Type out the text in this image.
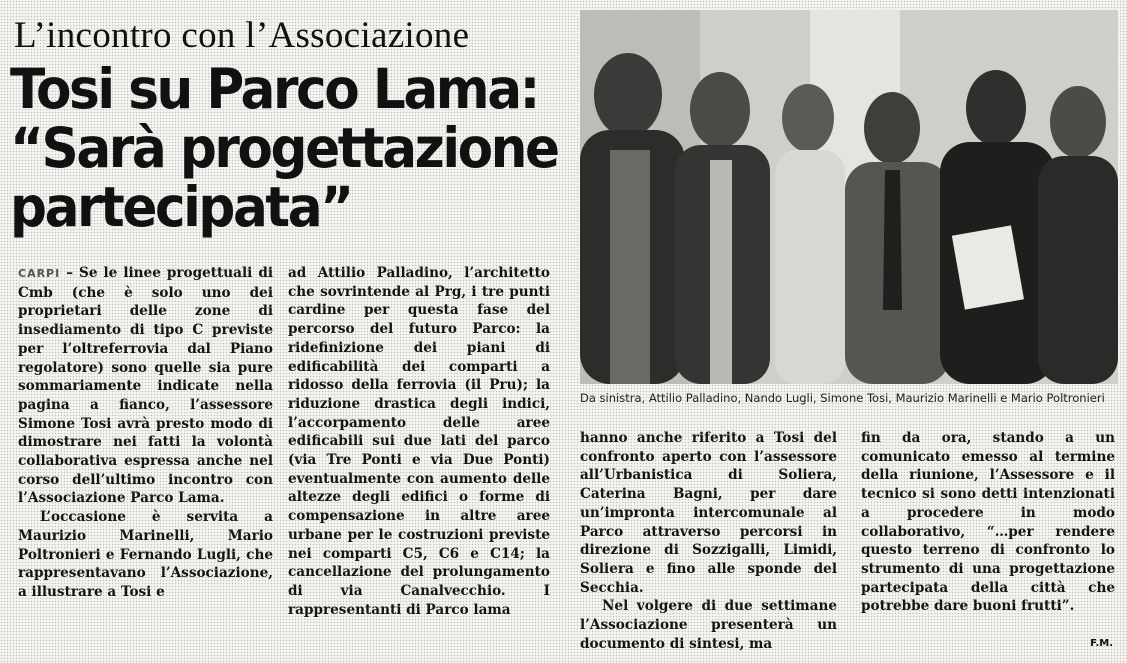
L’incontro con l’Associazione
Tosi su Parco Lama:
“Sarà progettazione
partecipata”

Da sinistra, Attilio Palladino, Nando Lugli, Simone Tosi, Maurizio Marinelli e Mario Poltronieri

CARPI – Se le linee progettuali di Cmb (che è solo uno dei proprietari delle zone di insediamento di tipo C previste per l’oltreferrovia dal Piano regolatore) sono quelle sia pure sommariamente indicate nella pagina a fianco, l’assessore Simone Tosi avrà presto modo di dimostrare nei fatti la volontà collaborativa espressa anche nel corso dell’ultimo incontro con l’Associazione Parco Lama.

L’occasione è servita a Maurizio Marinelli, Mario Poltronieri e Fernando Lugli, che rappresentavano l’Associazione, a illustrare a Tosi e

ad Attilio Palladino, l’architetto che sovrintende al Prg, i tre punti cardine per questa fase del percorso del futuro Parco: la ridefinizione dei piani di edificabilità dei comparti a ridosso della ferrovia (il Pru); la riduzione drastica degli indici, l’accorpamento delle aree edificabili sui due lati del parco (via Tre Ponti e via Due Ponti) eventualmente con aumento delle altezze degli edifici o forme di compensazione in altre aree urbane per le costruzioni previste nei comparti C5, C6 e C14; la cancellazione del prolungamento di via Canalvecchio. I rappresentanti di Parco lama

hanno anche riferito a Tosi del confronto aperto con l’assessore all’Urbanistica di Soliera, Caterina Bagni, per dare un’impronta intercomunale al Parco attraverso percorsi in direzione di Sozzigalli, Limidi, Soliera e fino alle sponde del Secchia.

Nel volgere di due settimane l’Associazione presenterà un documento di sintesi, ma

fin da ora, stando a un comunicato emesso al termine della riunione, l’Assessore e il tecnico si sono detti intenzionati a procedere in modo collaborativo, “…per rendere questo terreno di confronto lo strumento di una progettazione partecipata della città che potrebbe dare buoni frutti”.

F.M.
